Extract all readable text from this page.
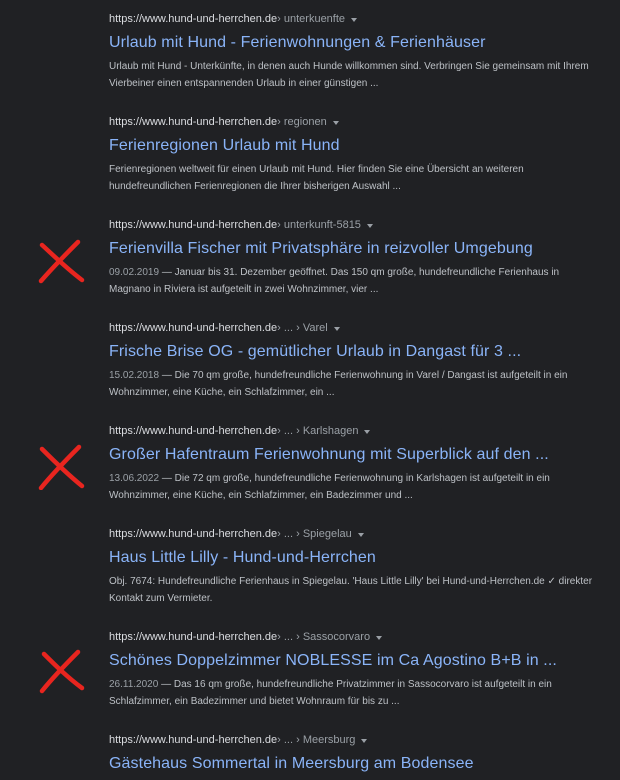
https://www.hund-und-herrchen.de › unterkuenfte
Urlaub mit Hund - Ferienwohnungen & Ferienhäuser
Urlaub mit Hund - Unterkünfte, in denen auch Hunde willkommen sind. Verbringen Sie gemeinsam mit Ihrem Vierbeiner einen entspannenden Urlaub in einer günstigen ...
https://www.hund-und-herrchen.de › regionen
Ferienregionen Urlaub mit Hund
Ferienregionen weltweit für einen Urlaub mit Hund. Hier finden Sie eine Übersicht an weiteren hundefreundlichen Ferienregionen die Ihrer bisherigen Auswahl ...
https://www.hund-und-herrchen.de › unterkunft-5815
Ferienvilla Fischer mit Privatsphäre in reizvoller Umgebung
09.02.2019 — Januar bis 31. Dezember geöffnet. Das 150 qm große, hundefreundliche Ferienhaus in Magnano in Riviera ist aufgeteilt in zwei Wohnzimmer, vier ...
https://www.hund-und-herrchen.de › ... › Varel
Frische Brise OG - gemütlicher Urlaub in Dangast für 3 ...
15.02.2018 — Die 70 qm große, hundefreundliche Ferienwohnung in Varel / Dangast ist aufgeteilt in ein Wohnzimmer, eine Küche, ein Schlafzimmer, ein ...
https://www.hund-und-herrchen.de › ... › Karlshagen
Großer Hafentraum Ferienwohnung mit Superblick auf den ...
13.06.2022 — Die 72 qm große, hundefreundliche Ferienwohnung in Karlshagen ist aufgeteilt in ein Wohnzimmer, eine Küche, ein Schlafzimmer, ein Badezimmer und ...
https://www.hund-und-herrchen.de › ... › Spiegelau
Haus Little Lilly - Hund-und-Herrchen
Obj. 7674: Hundefreundliche Ferienhaus in Spiegelau. 'Haus Little Lilly' bei Hund-und-Herrchen.de ✓ direkter Kontakt zum Vermieter.
https://www.hund-und-herrchen.de › ... › Sassocorvaro
Schönes Doppelzimmer NOBLESSE im Ca Agostino B+B in ...
26.11.2020 — Das 16 qm große, hundefreundliche Privatzimmer in Sassocorvaro ist aufgeteilt in ein Schlafzimmer, ein Badezimmer und bietet Wohnraum für bis zu ...
https://www.hund-und-herrchen.de › ... › Meersburg
Gästehaus Sommertal in Meersburg am Bodensee
